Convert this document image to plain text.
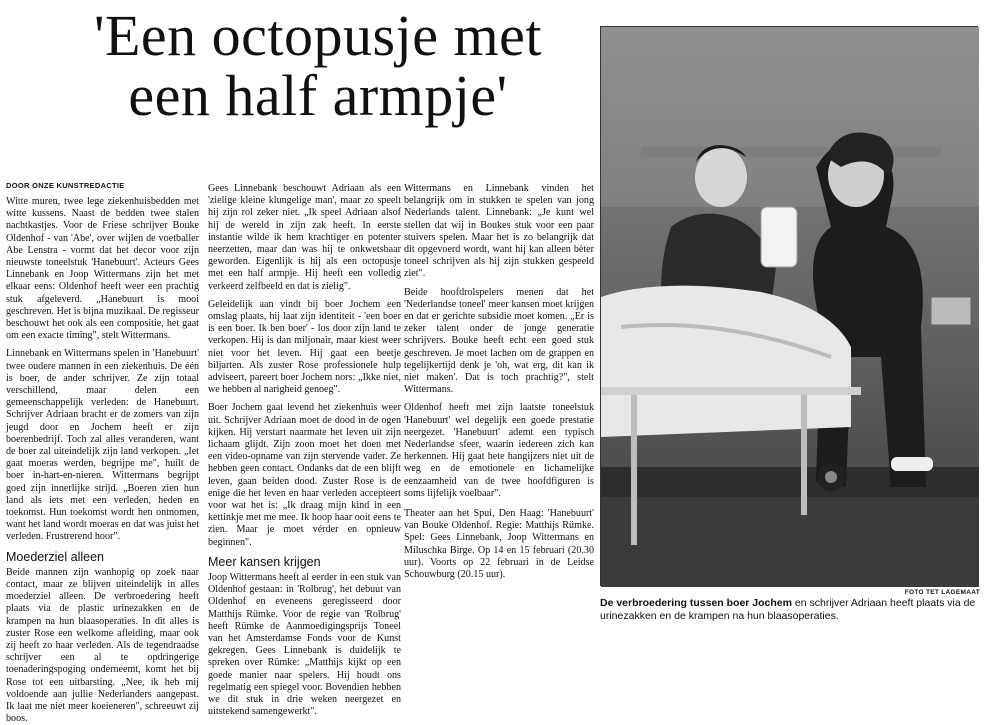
'Een octopusje met
een half armpje'
DOOR ONZE KUNSTREDACTIE

Witte muren, twee lege ziekenhuisbedden met witte kussens. Naast de bedden twee stalen nachtkastjes. Voor de Friese schrijver Bouke Oldenhof - van 'Abe', over wijlen de voetballer Abe Lenstra - vormt dat het decor voor zijn nieuwste toneelstuk 'Hanebuurt'. Acteurs Gees Linnebank en Joop Wittermans zijn het met elkaar eens: Oldenhof heeft weer een prachtig stuk afgeleverd. „Hanebuurt is mooi geschreven. Het is bijna muzikaal. De regisseur beschouwt het ook als een compositie, het gaat om een exacte timing", stelt Wittermans.

Linnebank en Wittermans spelen in 'Hanebuurt' twee oudere mannen in een ziekenhuis. De één is boer, de ander schrijver. Ze zijn totaal verschillend, maar delen een gemeenschappelijk verleden: de Hanebuurt. Schrijver Adriaan bracht er de zomers van zijn jeugd door en Jochem heeft er zijn boerenbedrijf. Toch zal alles veranderen, want de boer zal uiteindelijk zijn land verkopen. „Iet gaat moeras werden, begrijpe me", huilt de boer in-hart-en-nieren. Wittermans begrijpt goed zijn innerlijke strijd. „Boeren zien hun land als iets met een verleden, heden en toekomst. Hun toekomst wordt hen ontnomen, want het land wordt moeras en dat was juist het verleden. Frustrerend hoor".

Moederziel alleen

Beide mannen zijn wanhopig op zoek naar contact, maar ze blijven uiteindelijk in alles moederziel alleen. De verbroedering heeft plaats via de plastic urinezakken en de krampen na hun blaasoperaties. In dit alles is zuster Rose een welkome afleiding, maar ook zij heeft zo haar verleden. Als de tegendraadse schrijver een al te opdringerige toenaderingspoging onderneemt, komt het bij Rose tot een uitbarsting. „Nee, ik heb mij voldoende aan jullie Nederlanders aangepast. Ik laat me niet meer koeieneren", schreeuwt zij boos.

Gees Linnebank beschouwt Adriaan als een 'zielige kleine klungelige man', maar zo speelt hij zijn rol zeker niet. „Ik speel Adriaan alsof hij de wereld in zijn zak heeft. In eerste instantie wilde ik hem krachtiger en potenter neerzetten, maar dan was hij te onkwetsbaar geworden. Eigenlijk is hij als een octopusje met een half armpje. Hij heeft een volledig verkeerd zelfbeeld en dat is zielig".

Geleidelijk aan vindt bij boer Jochem een omslag plaats, hij laat zijn identiteit - 'een boer is een boer. Ik ben boer' - los door zijn land te verkopen. Hij is dan miljonair, maar kiest weer niet voor het leven. Hij gaat een beetje biljarten. Als zuster Rose professionele hulp adviseert, pareert boer Jochem nors: „Ikke niet, we hebben al narigheid genoeg".

Boer Jochem gaat levend het ziekenhuis weer uit. Schrijver Adriaan moet de dood in de ogen kijken. Hij verstart naarmate het leven uit zijn lichaam glijdt. Zijn zoon moet het doen met een video-opname van zijn stervende vader. Ze hebben geen contact. Ondanks dat de een blijft leven, gaan beiden dood. Zuster Rose is de enige die het leven en haar verleden accepteert voor wat het is: „Ik draag mijn kind in een kettinkje met me mee. Ik hoop haar ooit eens te zien. Maar je moet vérder en opnieuw beginnen".

Meer kansen krijgen

Joop Wittermans heeft al eerder in een stuk van Oldenhof gestaan: in 'Rolbrug', het debuut van Oldenhof en eveneens geregisseerd door Matthijs Rümke. Voor de regie van 'Rolbrug' heeft Rümke de Aanmoedigingsprijs Toneel van het Amsterdamse Fonds voor de Kunst gekregen. Gees Linnebank is duidelijk te spreken over Rümke: „Matthijs kijkt op een goede manier naar spelers. Hij houdt ons regelmatig een spiegel voor. Bovendien hebben we dit stuk in drie weken neergezet en uitstekend samengewerkt".

Wittermans en Linnebank vinden het belangrijk om in stukken te spelen van jong Nederlands talent. Linnebank: „Je kunt wel stellen dat wij in Boukes stuk voor een paar stuivers spelen. Maar het is zo belangrijk dat dit opgevoerd wordt, want hij kan alleen bèter toneel schrijven als hij zijn stukken gespeeld ziet".

Beide hoofdrolspelers menen dat het 'Nederlandse toneel' meer kansen moet krijgen en dat er gerichte subsidie moet komen. „Er is zeker talent onder de jonge generatie schrijvers. Bouke heeft echt een goed stuk geschreven. Je moet lachen om de grappen en tegelijkertijd denk je 'oh, wat erg, dit kan ik niet maken'. Dat is toch prachtig?", stelt Wittermans.

Oldenhof heeft met zijn laatste toneelstuk 'Hanebuurt' wel degelijk een goede prestatie neergezet. 'Hanebuurt' ademt een typisch Nederlandse sfeer, waarin iedereen zich kan herkennen. Hij gaat hete hangijzers niet uit de weg en de emotionele en lichamelijke eenzaamheid van de twee hoofdfiguren is soms lijfelijk voelbaar".

Theater aan het Spui, Den Haag: 'Hanebuurt' van Bouke Oldenhof. Regie: Matthijs Rümke. Spel: Gees Linnebank, Joop Wittermans en Miluschka Birge. Op 14 en 15 februari (20.30 uur). Voorts op 22 februari in de Leidse Schouwburg (20.15 uur).

FOTO TET LAGEMAAT
De verbroedering tussen boer Jochem en schrijver Adriaan heeft plaats via de urinezakken en de krampen na hun blaasoperaties.
